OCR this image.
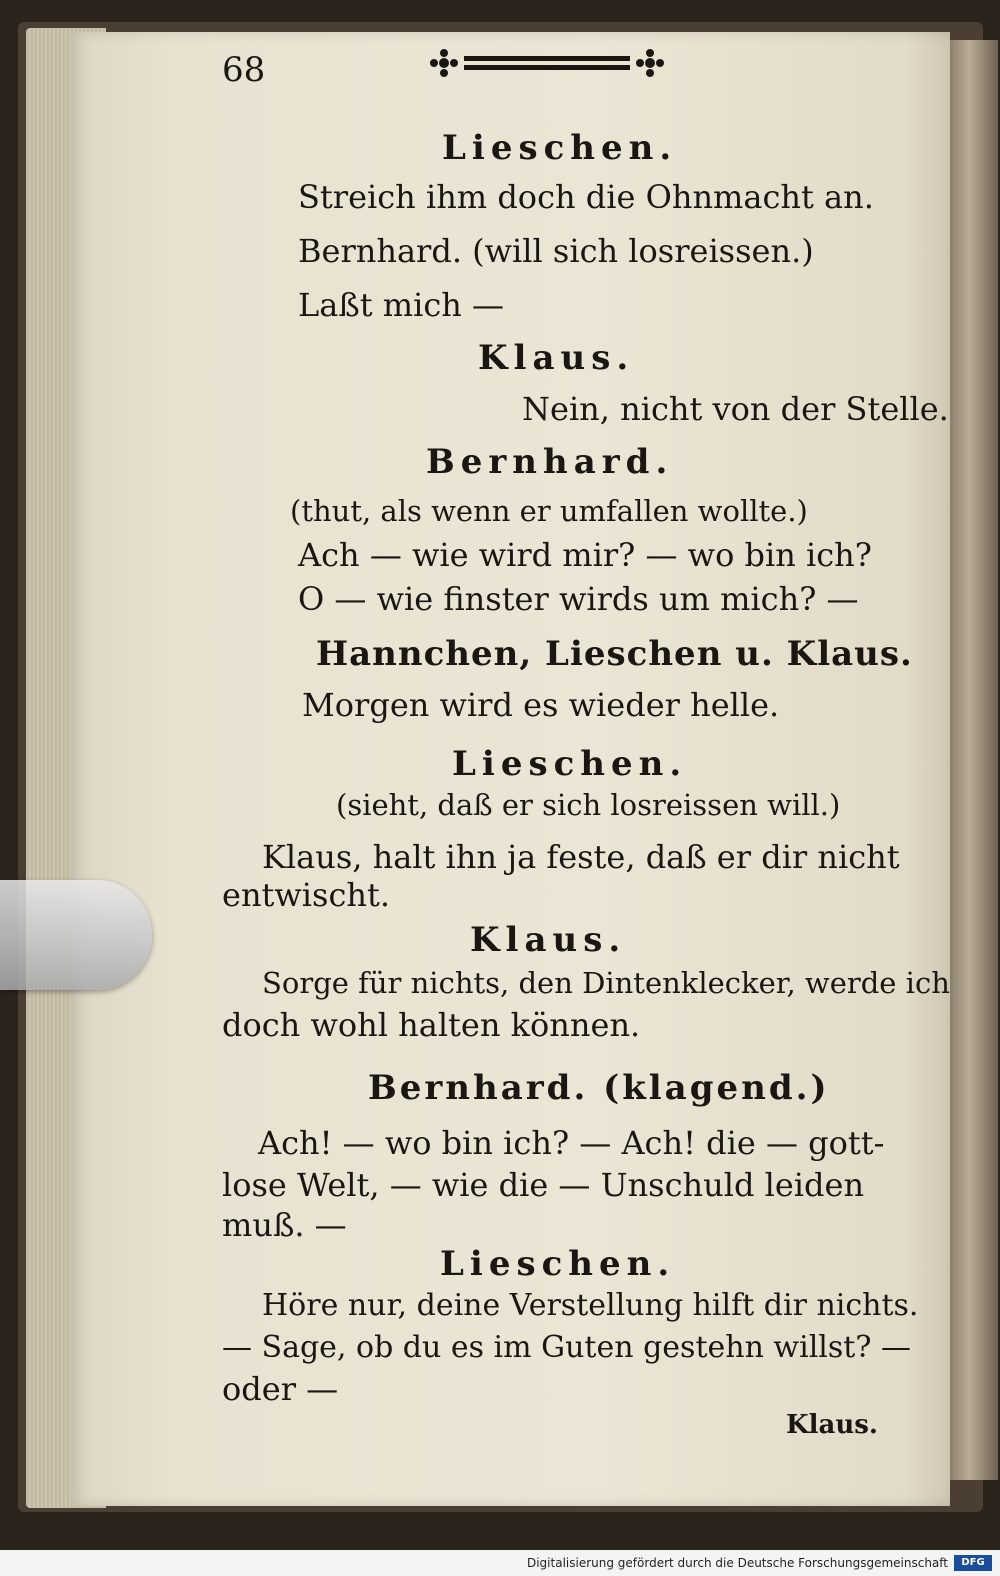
68
Lieschen.
Streich ihm doch die Ohnmacht an.
Bernhard. (will sich losreissen.)
Laßt mich —
Klaus.
Nein, nicht von der Stelle.
Bernhard.
(thut, als wenn er umfallen wollte.)
Ach — wie wird mir? — wo bin ich?
O — wie finster wirds um mich? —
Hannchen, Lieschen u. Klaus.
Morgen wird es wieder helle.
Lieschen.
(sieht, daß er sich losreissen will.)
Klaus, halt ihn ja feste, daß er dir nicht
entwischt.
Klaus.
Sorge für nichts, den Dintenklecker, werde ich
doch wohl halten können.
Bernhard. (klagend.)
Ach! — wo bin ich? — Ach! die — gott-
lose Welt, — wie die — Unschuld leiden
muß. —
Lieschen.
Höre nur, deine Verstellung hilft dir nichts.
— Sage, ob du es im Guten gestehn willst? —
oder —
Klaus.
Digitalisierung gefördert durch die Deutsche Forschungsgemeinschaft	DFG
